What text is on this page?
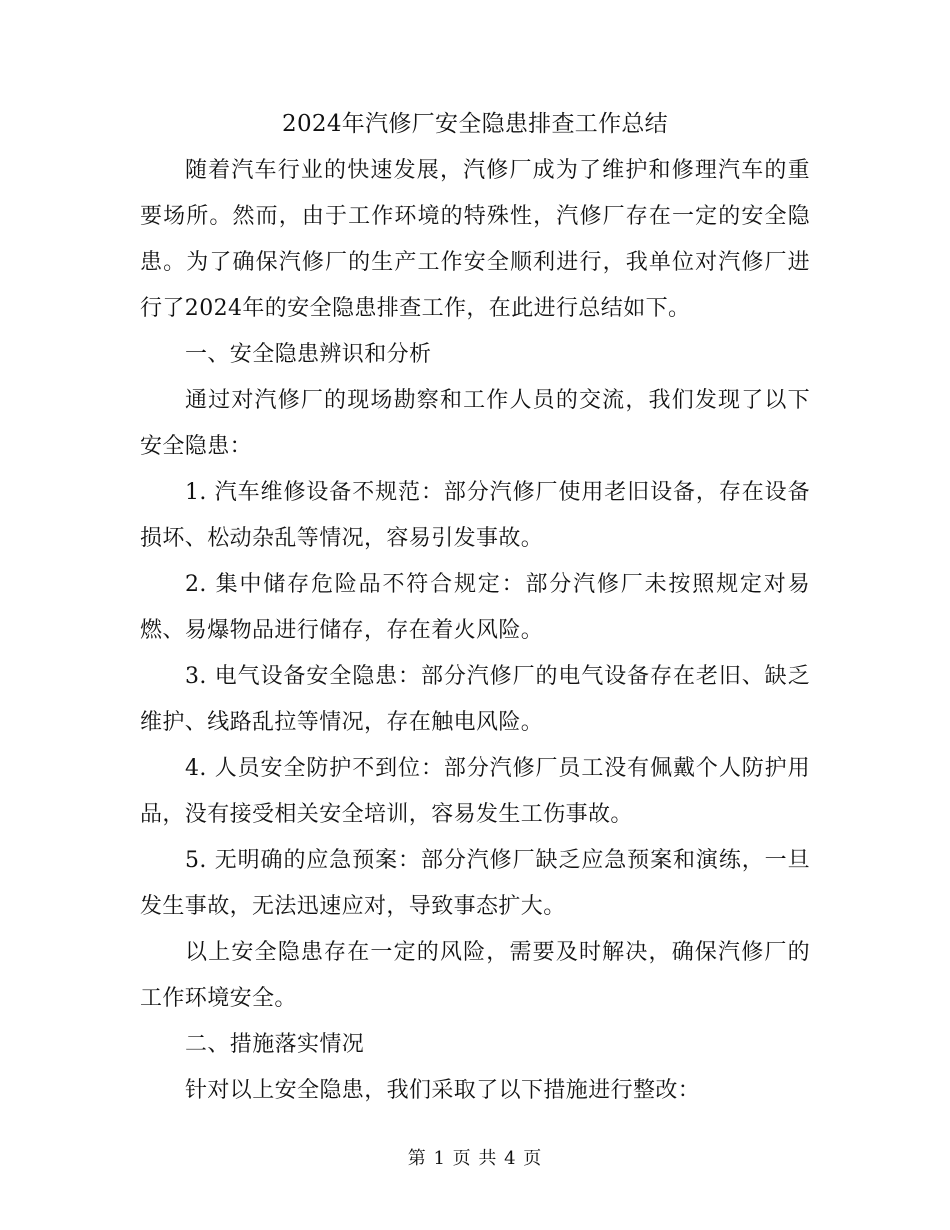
2024年汽修厂安全隐患排查工作总结

随着汽车行业的快速发展，汽修厂成为了维护和修理汽车的重要场所。然而，由于工作环境的特殊性，汽修厂存在一定的安全隐患。为了确保汽修厂的生产工作安全顺利进行，我单位对汽修厂进行了2024年的安全隐患排查工作，在此进行总结如下。

一、安全隐患辨识和分析

通过对汽修厂的现场勘察和工作人员的交流，我们发现了以下安全隐患：

1. 汽车维修设备不规范：部分汽修厂使用老旧设备，存在设备损坏、松动杂乱等情况，容易引发事故。

2. 集中储存危险品不符合规定：部分汽修厂未按照规定对易燃、易爆物品进行储存，存在着火风险。

3. 电气设备安全隐患：部分汽修厂的电气设备存在老旧、缺乏维护、线路乱拉等情况，存在触电风险。

4. 人员安全防护不到位：部分汽修厂员工没有佩戴个人防护用品，没有接受相关安全培训，容易发生工伤事故。

5. 无明确的应急预案：部分汽修厂缺乏应急预案和演练，一旦发生事故，无法迅速应对，导致事态扩大。

以上安全隐患存在一定的风险，需要及时解决，确保汽修厂的工作环境安全。

二、措施落实情况

针对以上安全隐患，我们采取了以下措施进行整改：

第 1 页 共 4 页
